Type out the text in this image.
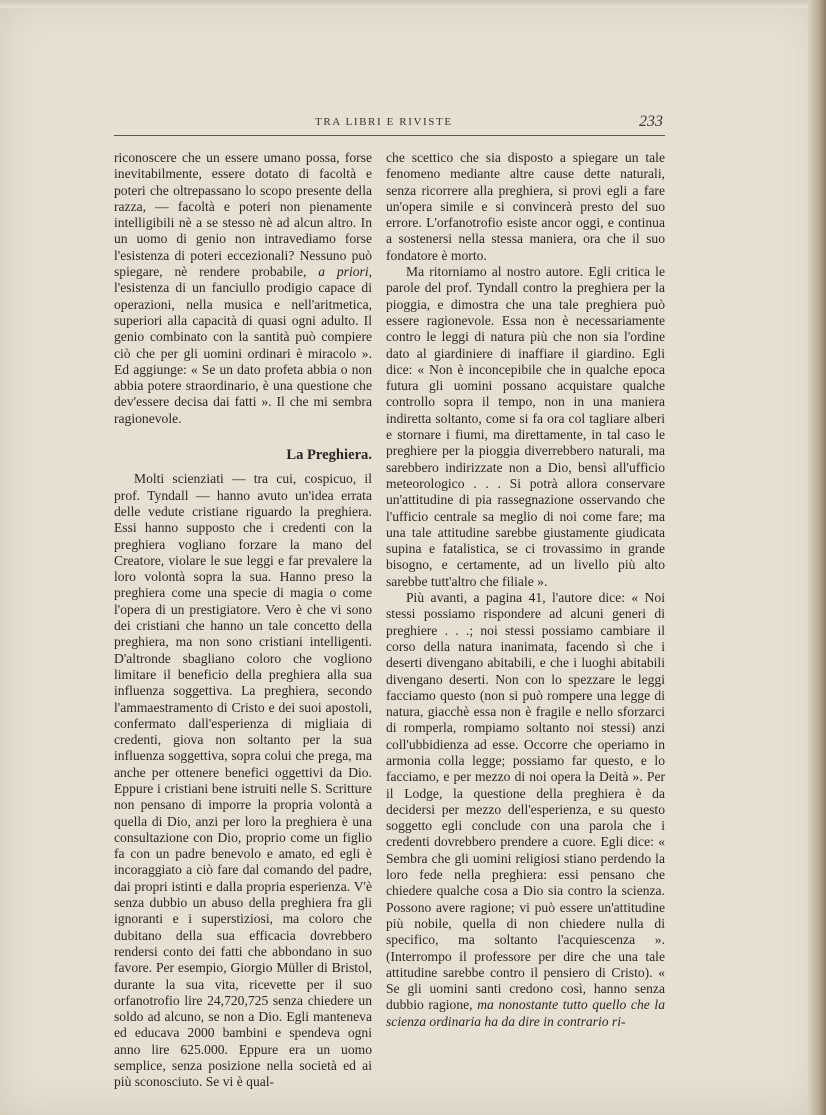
TRA LIBRI E RIVISTE	233

riconoscere che un essere umano possa, forse inevitabilmente, essere dotato di facoltà e poteri che oltrepassano lo scopo presente della razza, — facoltà e poteri non pienamente intelligibili nè a se stesso nè ad alcun altro. In un uomo di genio non intravediamo forse l'esistenza di poteri eccezionali? Nessuno può spiegare, nè rendere probabile, a priori, l'esistenza di un fanciullo prodigio capace di operazioni, nella musica e nell'aritmetica, superiori alla capacità di quasi ogni adulto. Il genio combinato con la santità può compiere ciò che per gli uomini ordinari è miracolo ». Ed aggiunge: « Se un dato profeta abbia o non abbia potere straordinario, è una questione che dev'essere decisa dai fatti ». Il che mi sembra ragionevole.

La Preghiera.

Molti scienziati — tra cui, cospicuo, il prof. Tyndall — hanno avuto un'idea errata delle vedute cristiane riguardo la preghiera. Essi hanno supposto che i credenti con la preghiera vogliano forzare la mano del Creatore, violare le sue leggi e far prevalere la loro volontà sopra la sua. Hanno preso la preghiera come una specie di magia o come l'opera di un prestigiatore. Vero è che vi sono dei cristiani che hanno un tale concetto della preghiera, ma non sono cristiani intelligenti. D'altronde sbagliano coloro che vogliono limitare il beneficio della preghiera alla sua influenza soggettiva. La preghiera, secondo l'ammaestramento di Cristo e dei suoi apostoli, confermato dall'esperienza di migliaia di credenti, giova non soltanto per la sua influenza soggettiva, sopra colui che prega, ma anche per ottenere benefici oggettivi da Dio. Eppure i cristiani bene istruiti nelle S. Scritture non pensano di imporre la propria volontà a quella di Dio, anzi per loro la preghiera è una consultazione con Dio, proprio come un figlio fa con un padre benevolo e amato, ed egli è incoraggiato a ciò fare dal comando del padre, dai propri istinti e dalla propria esperienza. V'è senza dubbio un abuso della preghiera fra gli ignoranti e i superstiziosi, ma coloro che dubitano della sua efficacia dovrebbero rendersi conto dei fatti che abbondano in suo favore. Per esempio, Giorgio Müller di Bristol, durante la sua vita, ricevette per il suo orfanotrofio lire 24,720,725 senza chiedere un soldo ad alcuno, se non a Dio. Egli manteneva ed educava 2000 bambini e spendeva ogni anno lire 625.000. Eppure era un uomo semplice, senza posizione nella società ed ai più sconosciuto. Se vi è qual-

che scettico che sia disposto a spiegare un tale fenomeno mediante altre cause dette naturali, senza ricorrere alla preghiera, si provi egli a fare un'opera simile e si convincerà presto del suo errore. L'orfanotrofio esiste ancor oggi, e continua a sostenersi nella stessa maniera, ora che il suo fondatore è morto.

Ma ritorniamo al nostro autore. Egli critica le parole del prof. Tyndall contro la preghiera per la pioggia, e dimostra che una tale preghiera può essere ragionevole. Essa non è necessariamente contro le leggi di natura più che non sia l'ordine dato al giardiniere di inaffiare il giardino. Egli dice: « Non è inconcepibile che in qualche epoca futura gli uomini possano acquistare qualche controllo sopra il tempo, non in una maniera indiretta soltanto, come si fa ora col tagliare alberi e stornare i fiumi, ma direttamente, in tal caso le preghiere per la pioggia diverrebbero naturali, ma sarebbero indirizzate non a Dio, bensì all'ufficio meteorologico . . . Si potrà allora conservare un'attitudine di pia rassegnazione osservando che l'ufficio centrale sa meglio di noi come fare; ma una tale attitudine sarebbe giustamente giudicata supina e fatalistica, se ci trovassimo in grande bisogno, e certamente, ad un livello più alto sarebbe tutt'altro che filiale ».

Più avanti, a pagina 41, l'autore dice: « Noi stessi possiamo rispondere ad alcuni generi di preghiere . . .; noi stessi possiamo cambiare il corso della natura inanimata, facendo sì che i deserti divengano abitabili, e che i luoghi abitabili divengano deserti. Non con lo spezzare le leggi facciamo questo (non si può rompere una legge di natura, giacchè essa non è fragile e nello sforzarci di romperla, rompiamo soltanto noi stessi) anzi coll'ubbidienza ad esse. Occorre che operiamo in armonia colla legge; possiamo far questo, e lo facciamo, e per mezzo di noi opera la Deità ». Per il Lodge, la questione della preghiera è da decidersi per mezzo dell'esperienza, e su questo soggetto egli conclude con una parola che i credenti dovrebbero prendere a cuore. Egli dice: « Sembra che gli uomini religiosi stiano perdendo la loro fede nella preghiera: essi pensano che chiedere qualche cosa a Dio sia contro la scienza. Possono avere ragione; vi può essere un'attitudine più nobile, quella di non chiedere nulla di specifico, ma soltanto l'acquiescenza ». (Interrompo il professore per dire che una tale attitudine sarebbe contro il pensiero di Cristo). « Se gli uomini santi credono così, hanno senza dubbio ragione, ma nonostante tutto quello che la scienza ordinaria ha da dire in contrario ri-
